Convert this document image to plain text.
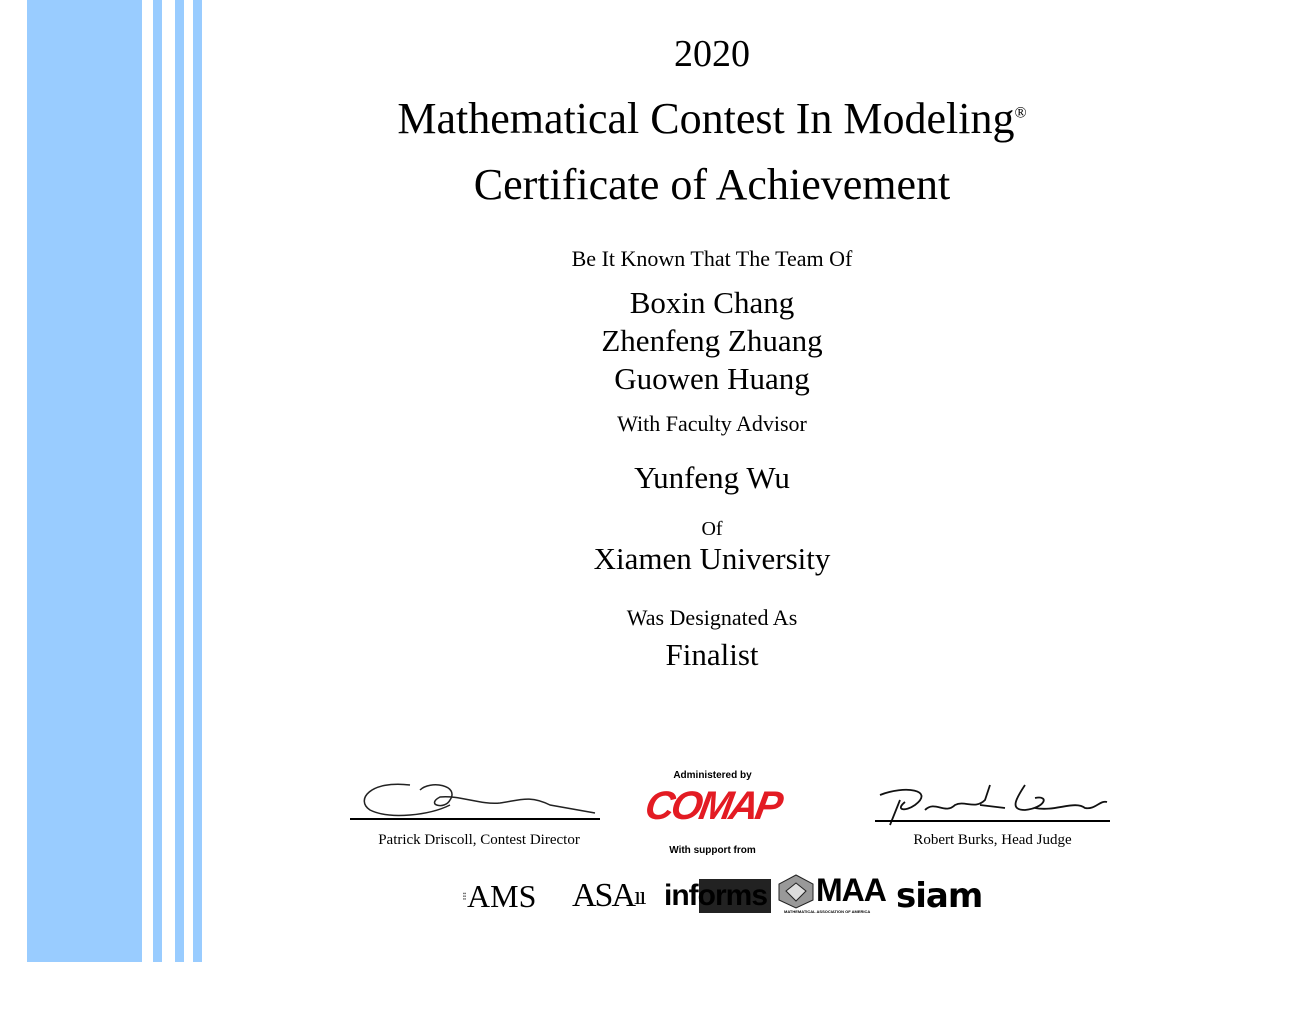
2020
Mathematical Contest In Modeling®
Certificate of Achievement
Be It Known That The Team Of
Boxin Chang
Zhenfeng Zhuang
Guowen Huang
With Faculty Advisor
Yunfeng Wu
Of
Xiamen University
Was Designated As
Finalist
Patrick Driscoll, Contest Director	Robert Burks, Head Judge
Administered by
COMAP
With support from
⁝⁝ AMS ASA ıı informs MAA
MATHEMATICAL ASSOCIATION OF AMERICA siam
